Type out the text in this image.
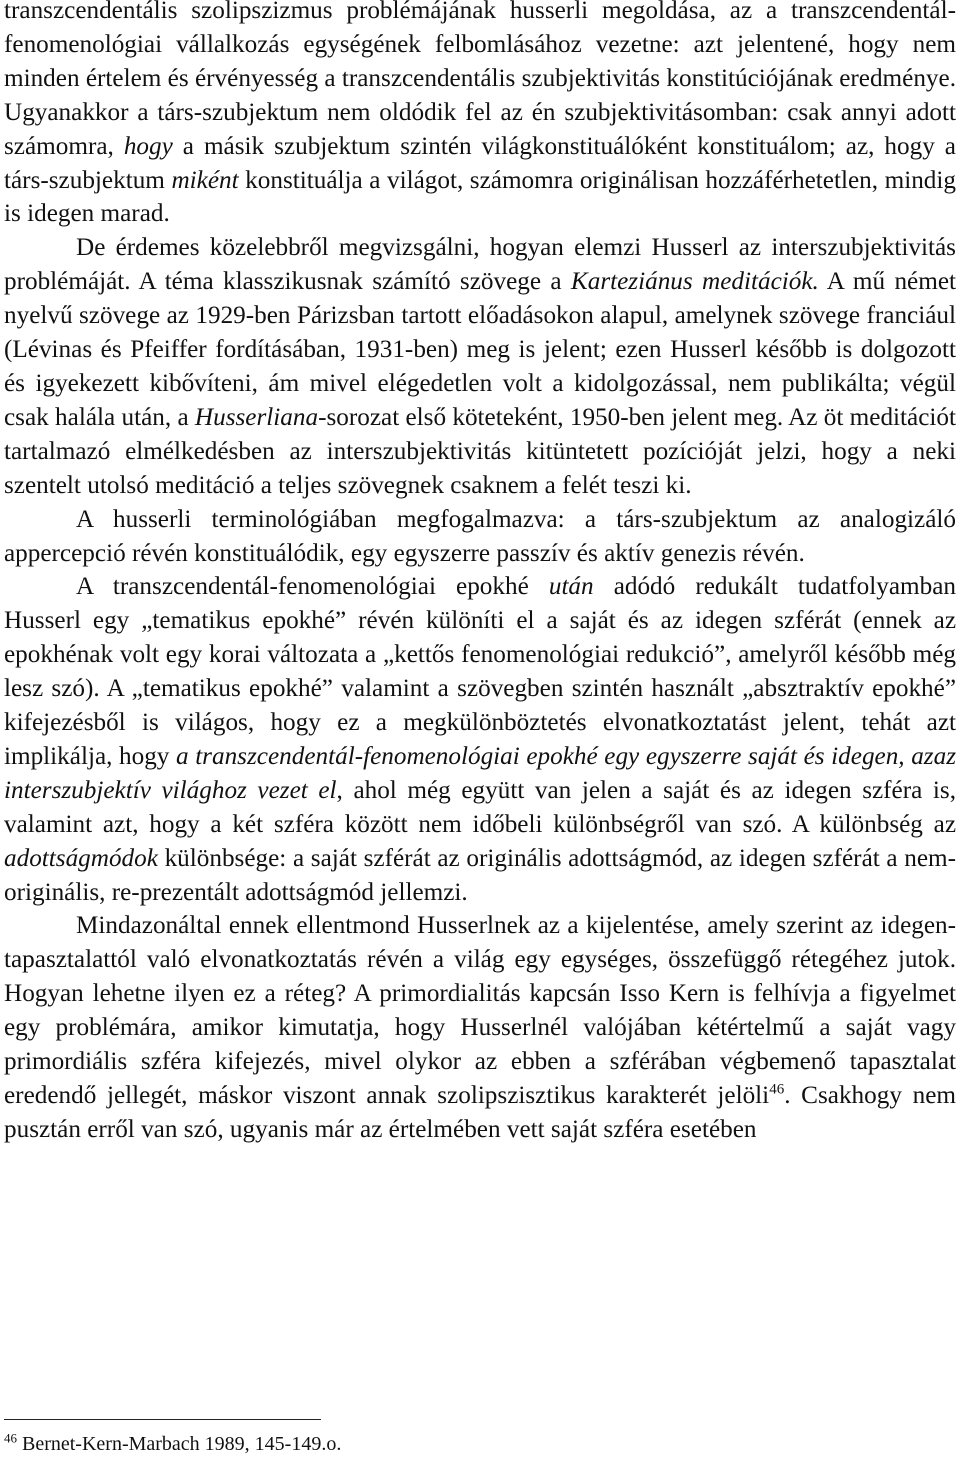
transzcendentális szolipszizmus problémájának husserli megoldása, az a transzcendentál-fenomenológiai vállalkozás egységének felbomlásához vezetne: azt jelentené, hogy nem minden értelem és érvényesség a transzcendentális szubjektivitás konstitúciójának eredménye. Ugyanakkor a társ-szubjektum nem oldódik fel az én szubjektivitásomban: csak annyi adott számomra, hogy a másik szubjektum szintén világkonstituálóként konstituálom; az, hogy a társ-szubjektum miként konstituálja a világot, számomra originálisan hozzáférhetetlen, mindig is idegen marad.

De érdemes közelebbről megvizsgálni, hogyan elemzi Husserl az interszubjektivitás problémáját. A téma klasszikusnak számító szövege a Karteziánus meditációk. A mű német nyelvű szövege az 1929-ben Párizsban tartott előadásokon alapul, amelynek szövege franciául (Lévinas és Pfeiffer fordításában, 1931-ben) meg is jelent; ezen Husserl később is dolgozott és igyekezett kibővíteni, ám mivel elégedetlen volt a kidolgozással, nem publikálta; végül csak halála után, a Husserliana-sorozat első köteteként, 1950-ben jelent meg. Az öt meditációt tartalmazó elmélkedésben az interszubjektivitás kitüntetett pozícióját jelzi, hogy a neki szentelt utolsó meditáció a teljes szövegnek csaknem a felét teszi ki.

A husserli terminológiában megfogalmazva: a társ-szubjektum az analogizáló appercepció révén konstituálódik, egy egyszerre passzív és aktív genezis révén.

A transzcendentál-fenomenológiai epokhé után adódó redukált tudatfolyamban Husserl egy „tematikus epokhé” révén különíti el a saját és az idegen szférát (ennek az epokhénak volt egy korai változata a „kettős fenomenológiai redukció”, amelyről később még lesz szó). A „tematikus epokhé” valamint a szövegben szintén használt „absztraktív epokhé” kifejezésből is világos, hogy ez a megkülönböztetés elvonatkoztatást jelent, tehát azt implikálja, hogy a transzcendentál-fenomenológiai epokhé egy egyszerre saját és idegen, azaz interszubjektív világhoz vezet el, ahol még együtt van jelen a saját és az idegen szféra is, valamint azt, hogy a két szféra között nem időbeli különbségről van szó. A különbség az adottságmódok különbsége: a saját szférát az originális adottságmód, az idegen szférát a nem-originális, re-prezentált adottságmód jellemzi.

Mindazonáltal ennek ellentmond Husserlnek az a kijelentése, amely szerint az idegen-tapasztalattól való elvonatkoztatás révén a világ egy egységes, összefüggő rétegéhez jutok. Hogyan lehetne ilyen ez a réteg? A primordialitás kapcsán Isso Kern is felhívja a figyelmet egy problémára, amikor kimutatja, hogy Husserlnél valójában kétértelmű a saját vagy primordiális szféra kifejezés, mivel olykor az ebben a szférában végbemenő tapasztalat eredendő jellegét, máskor viszont annak szolipszisztikus karakterét jelöli$^{46}$. Csakhogy nem pusztán erről van szó, ugyanis már az értelmében vett saját szféra esetében

$^{46}$ Bernet-Kern-Marbach 1989, 145-149.o.
